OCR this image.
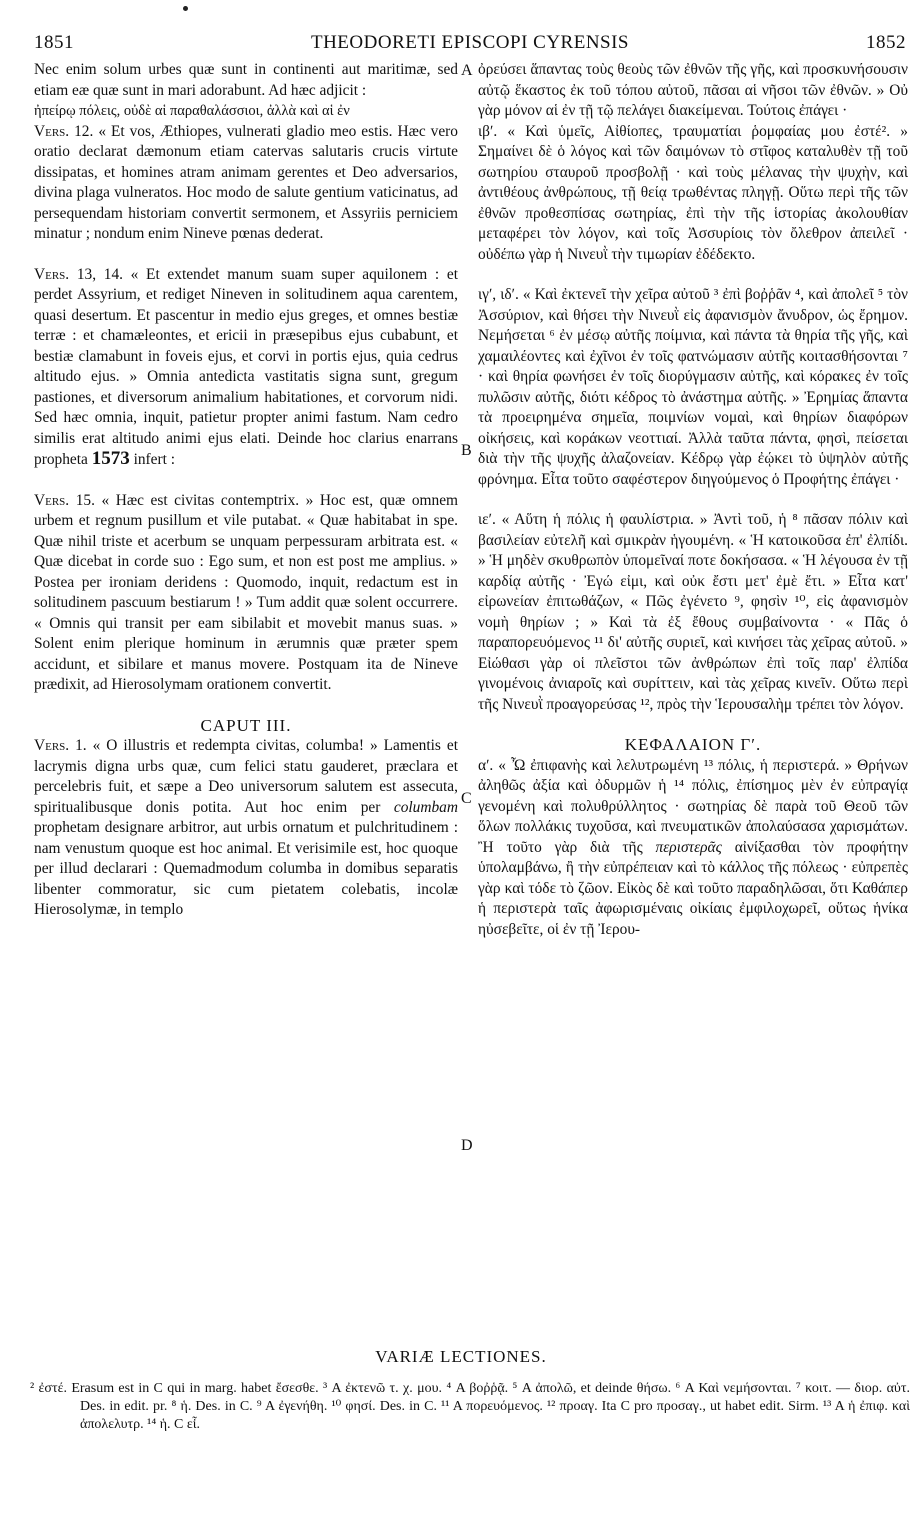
1851	THEODORETI EPISCOPI CYRENSIS	1852
A
B
C
D

Nec enim solum urbes quæ sunt in continenti aut maritimæ, sed etiam eæ quæ sunt in mari adorabunt. Ad hæc adjicit :

ἠπείρῳ πόλεις, οὐδὲ αἱ παραθαλάσσιοι, ἀλλὰ καὶ αἱ ἐν

Vers. 12. « Et vos, Æthiopes, vulnerati gladio meo estis. Hæc vero oratio declarat dæmonum etiam catervas salutaris crucis virtute dissipatas, et homines atram animam gerentes et Deo adversarios, divina plaga vulneratos. Hoc modo de salute gentium vaticinatus, ad persequendam historiam convertit sermonem, et Assyriis perniciem minatur ; nondum enim Nineve pœnas dederat.

Vers. 13, 14. « Et extendet manum suam super aquilonem : et perdet Assyrium, et rediget Nineven in solitudinem aqua carentem, quasi desertum. Et pascentur in medio ejus greges, et omnes bestiæ terræ : et chamæleontes, et ericii in præsepibus ejus cubabunt, et bestiæ clamabunt in foveis ejus, et corvi in portis ejus, quia cedrus altitudo ejus. » Omnia antedicta vastitatis signa sunt, gregum pastiones, et diversorum animalium habitationes, et corvorum nidi. Sed hæc omnia, inquit, patietur propter animi fastum. Nam cedro similis erat altitudo animi ejus elati. Deinde hoc clarius enarrans propheta 1573 infert :

Vers. 15. « Hæc est civitas contemptrix. » Hoc est, quæ omnem urbem et regnum pusillum et vile putabat. « Quæ habitabat in spe. Quæ nihil triste et acerbum se unquam perpessuram arbitrata est. « Quæ dicebat in corde suo : Ego sum, et non est post me amplius. » Postea per ironiam deridens : Quomodo, inquit, redactum est in solitudinem pascuum bestiarum ! » Tum addit quæ solent occurrere. « Omnis qui transit per eam sibilabit et movebit manus suas. » Solent enim plerique hominum in ærumnis quæ præter spem accidunt, et sibilare et manus movere. Postquam ita de Nineve prædixit, ad Hierosolymam orationem convertit.

CAPUT III.

Vers. 1. « O illustris et redempta civitas, columba! » Lamentis et lacrymis digna urbs quæ, cum felici statu gauderet, præclara et percelebris fuit, et sæpe a Deo universorum salutem est assecuta, spiritualibusque donis potita. Aut hoc enim per columbam prophetam designare arbitror, aut urbis ornatum et pulchritudinem : nam venustum quoque est hoc animal. Et verisimile est, hoc quoque per illud declarari : Quemadmodum columba in domibus separatis libenter commoratur, sic cum pietatem colebatis, incolæ Hierosolymæ, in templo

ὀρεύσει ἅπαντας τοὺς θεοὺς τῶν ἐθνῶν τῆς γῆς, καὶ προσκυνήσουσιν αὐτῷ ἕκαστος ἐκ τοῦ τόπου αὐτοῦ, πᾶσαι αἱ νῆσοι τῶν ἐθνῶν. » Οὐ γὰρ μόνον αἱ ἐν τῇ τῷ πελάγει διακείμεναι. Τούτοις ἐπάγει ·

ιβʹ. « Καὶ ὑμεῖς, Αἰθίοπες, τραυματίαι ῥομφαίας μου ἐστέ². » Σημαίνει δὲ ὁ λόγος καὶ τῶν δαιμόνων τὸ στῖφος καταλυθὲν τῇ τοῦ σωτηρίου σταυροῦ προσβολῇ · καὶ τοὺς μέλανας τὴν ψυχὴν, καὶ ἀντιθέους ἀνθρώπους, τῇ θείᾳ τρωθέντας πληγῇ. Οὕτω περὶ τῆς τῶν ἐθνῶν προθεσπίσας σωτηρίας, ἐπὶ τὴν τῆς ἱστορίας ἀκολουθίαν μεταφέρει τὸν λόγον, καὶ τοῖς Ἀσσυρίοις τὸν ὄλεθρον ἀπειλεῖ · οὐδέπω γὰρ ἡ Νινευῒ τὴν τιμωρίαν ἐδέδεκτο.

ιγʹ, ιδʹ. « Καὶ ἐκτενεῖ τὴν χεῖρα αὐτοῦ ³ ἐπὶ βοῤῥᾶν ⁴, καὶ ἀπολεῖ ⁵ τὸν Ἀσσύριον, καὶ θήσει τὴν Νινευῒ εἰς ἀφανισμὸν ἄνυδρον, ὡς ἔρημον. Νεμήσεται ⁶ ἐν μέσῳ αὐτῆς ποίμνια, καὶ πάντα τὰ θηρία τῆς γῆς, καὶ χαμαιλέοντες καὶ ἐχῖνοι ἐν τοῖς φατνώμασιν αὐτῆς κοιτασθήσονται ⁷ · καὶ θηρία φωνήσει ἐν τοῖς διορύγμασιν αὐτῆς, καὶ κόρακες ἐν τοῖς πυλῶσιν αὐτῆς, διότι κέδρος τὸ ἀνάστημα αὐτῆς. » Ἐρημίας ἅπαντα τὰ προειρημένα σημεῖα, ποιμνίων νομαὶ, καὶ θηρίων διαφόρων οἰκήσεις, καὶ κοράκων νεοττιαί. Ἀλλὰ ταῦτα πάντα, φησὶ, πείσεται διὰ τὴν τῆς ψυχῆς ἀλαζονείαν. Κέδρῳ γὰρ ἐῴκει τὸ ὑψηλὸν αὐτῆς φρόνημα. Εἶτα τοῦτο σαφέστερον διηγούμενος ὁ Προφήτης ἐπάγει ·

ιεʹ. « Αὕτη ἡ πόλις ἡ φαυλίστρια. » Ἀντὶ τοῦ, ἡ ⁸ πᾶσαν πόλιν καὶ βασιλείαν εὐτελῆ καὶ σμικρὰν ἡγουμένη. « Ἡ κατοικοῦσα ἐπ' ἐλπίδι. » Ἡ μηδὲν σκυθρωπὸν ὑπομεῖναί ποτε δοκήσασα. « Ἡ λέγουσα ἐν τῇ καρδίᾳ αὐτῆς · Ἐγώ εἰμι, καὶ οὐκ ἔστι μετ' ἐμὲ ἔτι. » Εἶτα κατ' εἰρωνείαν ἐπιτωθάζων, « Πῶς ἐγένετο ⁹, φησὶν ¹⁰, εἰς ἀφανισμὸν νομὴ θηρίων ; » Καὶ τὰ ἐξ ἔθους συμβαίνοντα · « Πᾶς ὁ παραπορευόμενος ¹¹ δι' αὐτῆς συριεῖ, καὶ κινήσει τὰς χεῖρας αὐτοῦ. » Εἰώθασι γὰρ οἱ πλεῖστοι τῶν ἀνθρώπων ἐπὶ τοῖς παρ' ἐλπίδα γινομένοις ἀνιαροῖς καὶ συρίττειν, καὶ τὰς χεῖρας κινεῖν. Οὕτω περὶ τῆς Νινευῒ προαγορεύσας ¹², πρὸς τὴν Ἱερουσαλὴμ τρέπει τὸν λόγον.

ΚΕΦΑΛΑΙΟΝ Γʹ.

αʹ. « Ὦ ἐπιφανὴς καὶ λελυτρωμένη ¹³ πόλις, ἡ περιστερά. » Θρήνων ἀληθῶς ἀξία καὶ ὀδυρμῶν ἡ ¹⁴ πόλις, ἐπίσημος μὲν ἐν εὐπραγίᾳ γενομένη καὶ πολυθρύλλητος · σωτηρίας δὲ παρὰ τοῦ Θεοῦ τῶν ὅλων πολλάκις τυχοῦσα, καὶ πνευματικῶν ἀπολαύσασα χαρισμάτων. Ἢ τοῦτο γὰρ διὰ τῆς περιστερᾶς αἰνίξασθαι τὸν προφήτην ὑπολαμβάνω, ἢ τὴν εὐπρέπειαν καὶ τὸ κάλλος τῆς πόλεως · εὐπρεπὲς γὰρ καὶ τόδε τὸ ζῶον. Εἰκὸς δὲ καὶ τοῦτο παραδηλῶσαι, ὅτι Καθάπερ ἡ περιστερὰ ταῖς ἀφωρισμέναις οἰκίαις ἐμφιλοχωρεῖ, οὕτως ἡνίκα ηὐσεβεῖτε, οἱ ἐν τῇ Ἰερου-

VARIÆ LECTIONES.

² ἐστέ. Erasum est in C qui in marg. habet ἔσεσθε. ³ A ἐκτενῶ τ. χ. μου. ⁴ A βοῤῥᾷ. ⁵ A ἀπολῶ, et deinde θήσω. ⁶ A Καὶ νεμήσονται. ⁷ κοιτ. — διορ. αὐτ. Des. in edit. pr. ⁸ ἡ. Des. in C. ⁹ A ἐγενήθη. ¹⁰ φησί. Des. in C. ¹¹ A πορευόμενος. ¹² προαγ. Ita C pro προσαγ., ut habet edit. Sirm. ¹³ A ἡ ἐπιφ. καὶ ἀπολελυτρ. ¹⁴ ἡ. C εἶ.
